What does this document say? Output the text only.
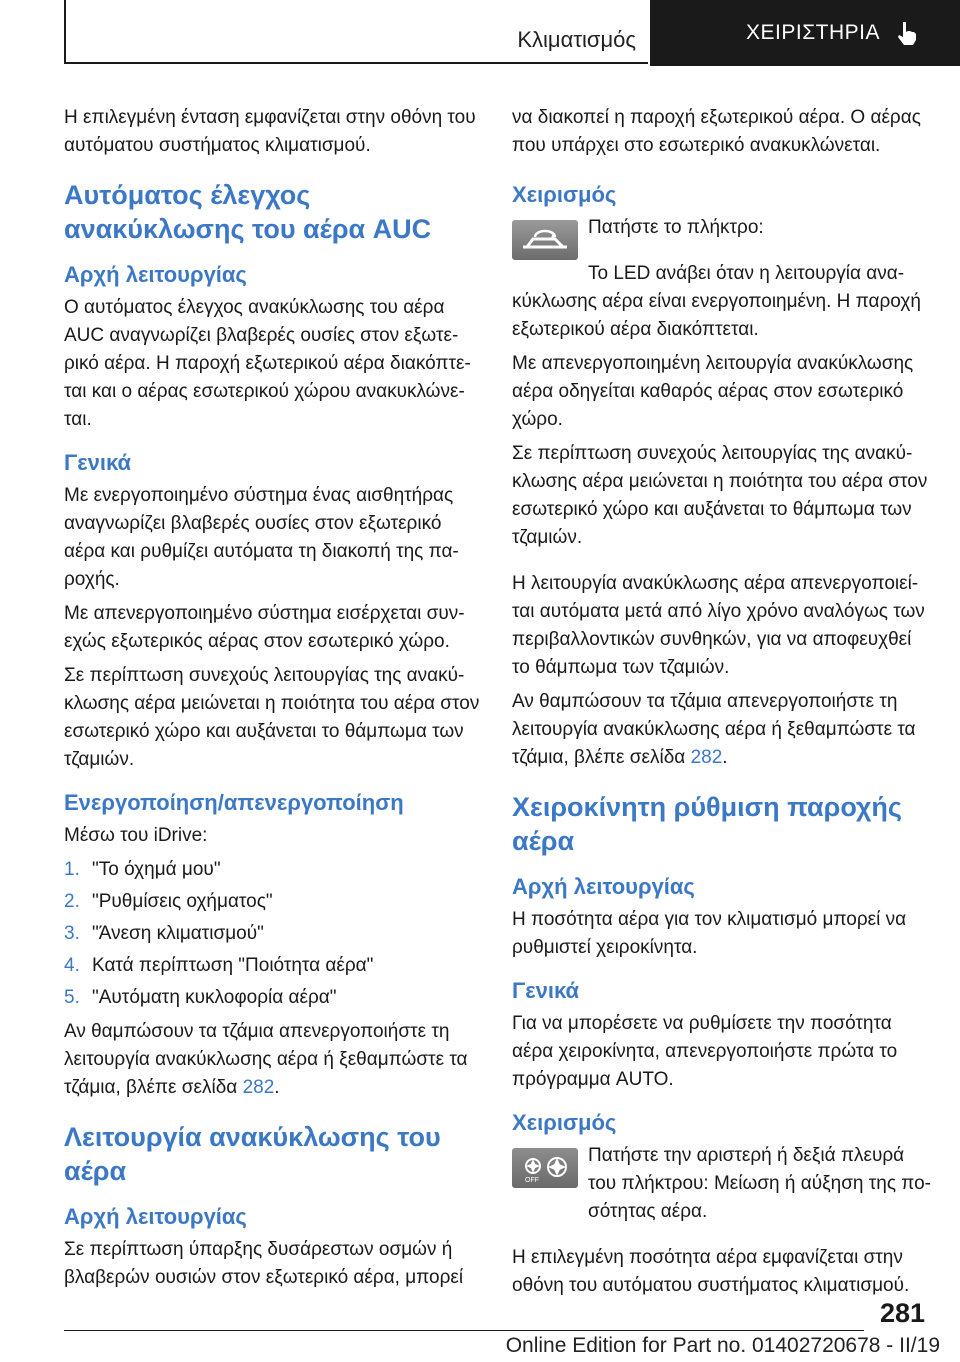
Κλιματισμός	ΧΕΙΡΙΣΤΗΡΙΑ

Η επιλεγμένη ένταση εμφανίζεται στην οθόνη του αυτόματου συστήματος κλιματισμού.

Αυτόματος έλεγχος ανακύκλωσης του αέρα AUC
Αρχή λειτουργίας

Ο αυτόματος έλεγχος ανακύκλωσης του αέρα AUC αναγνωρίζει βλαβερές ουσίες στον εξωτε-ρικό αέρα. Η παροχή εξωτερικού αέρα διακόπτε-ται και ο αέρας εσωτερικού χώρου ανακυκλώνε-ται.

Γενικά

Με ενεργοποιημένο σύστημα ένας αισθητήρας αναγνωρίζει βλαβερές ουσίες στον εξωτερικό αέρα και ρυθμίζει αυτόματα τη διακοπή της πα-ροχής.

Με απενεργοποιημένο σύστημα εισέρχεται συν-εχώς εξωτερικός αέρας στον εσωτερικό χώρο.

Σε περίπτωση συνεχούς λειτουργίας της ανακύ-κλωσης αέρα μειώνεται η ποιότητα του αέρα στον εσωτερικό χώρο και αυξάνεται το θάμπωμα των τζαμιών.

Ενεργοποίηση/απενεργοποίηση

Μέσω του iDrive:

1. "Το όχημά μου"
2. "Ρυθμίσεις οχήματος"
3. "Άνεση κλιματισμού"
4. Κατά περίπτωση "Ποιότητα αέρα"
5. "Αυτόματη κυκλοφορία αέρα"

Αν θαμπώσουν τα τζάμια απενεργοποιήστε τη λειτουργία ανακύκλωσης αέρα ή ξεθαμπώστε τα τζάμια, βλέπε σελίδα 282.

Λειτουργία ανακύκλωσης του αέρα
Αρχή λειτουργίας

Σε περίπτωση ύπαρξης δυσάρεστων οσμών ή βλαβερών ουσιών στον εξωτερικό αέρα, μπορεί

να διακοπεί η παροχή εξωτερικού αέρα. Ο αέρας που υπάρχει στο εσωτερικό ανακυκλώνεται.

Χειρισμός

Πατήστε το πλήκτρο:

Το LED ανάβει όταν η λειτουργία ανα-κύκλωσης αέρα είναι ενεργοποιημένη. Η παροχή εξωτερικού αέρα διακόπτεται.

Με απενεργοποιημένη λειτουργία ανακύκλωσης αέρα οδηγείται καθαρός αέρας στον εσωτερικό χώρο.

Σε περίπτωση συνεχούς λειτουργίας της ανακύ-κλωσης αέρα μειώνεται η ποιότητα του αέρα στον εσωτερικό χώρο και αυξάνεται το θάμπωμα των τζαμιών.

Η λειτουργία ανακύκλωσης αέρα απενεργοποιεί-ται αυτόματα μετά από λίγο χρόνο αναλόγως των περιβαλλοντικών συνθηκών, για να αποφευχθεί το θάμπωμα των τζαμιών.

Αν θαμπώσουν τα τζάμια απενεργοποιήστε τη λειτουργία ανακύκλωσης αέρα ή ξεθαμπώστε τα τζάμια, βλέπε σελίδα 282.

Χειροκίνητη ρύθμιση παροχής αέρα
Αρχή λειτουργίας

Η ποσότητα αέρα για τον κλιματισμό μπορεί να ρυθμιστεί χειροκίνητα.

Γενικά

Για να μπορέσετε να ρυθμίσετε την ποσότητα αέρα χειροκίνητα, απενεργοποιήστε πρώτα το πρόγραμμα AUTO.

Χειρισμός
OFF

Πατήστε την αριστερή ή δεξιά πλευρά του πλήκτρου: Μείωση ή αύξηση της πο-σότητας αέρα.

Η επιλεγμένη ποσότητα αέρα εμφανίζεται στην οθόνη του αυτόματου συστήματος κλιματισμού.

281
Online Edition for Part no. 01402720678 - II/19
